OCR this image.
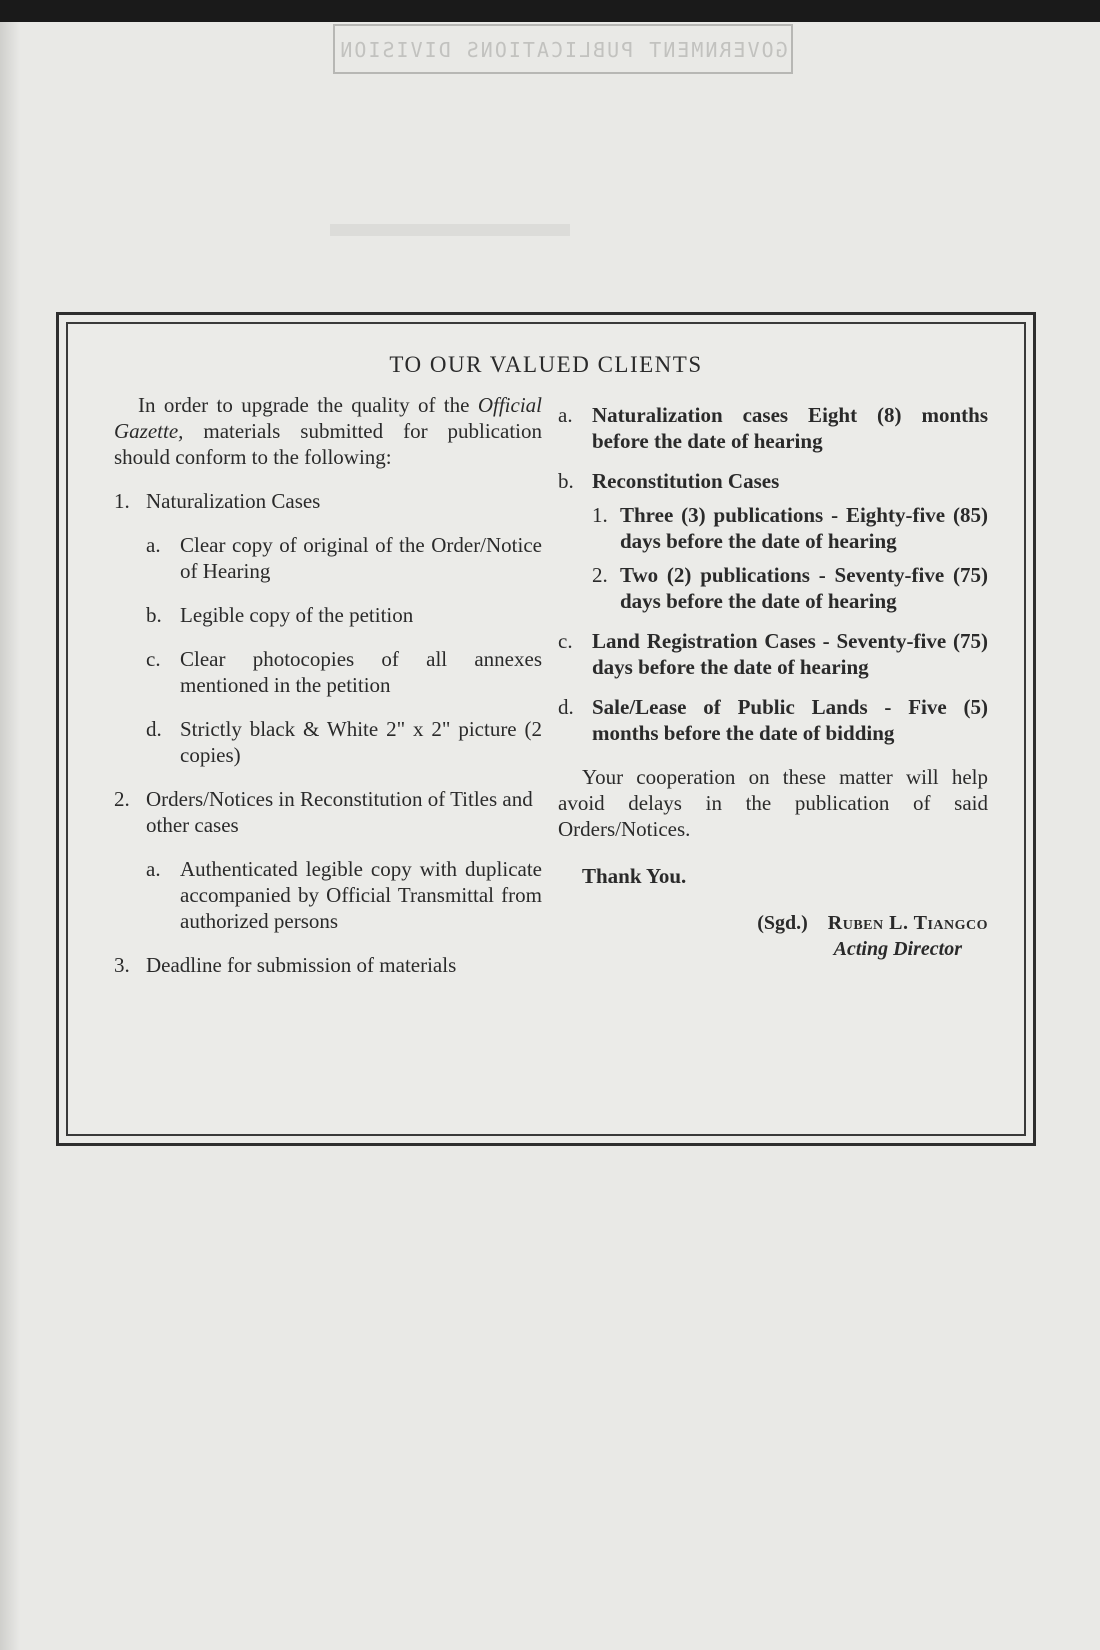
GOVERNMENT PUBLICATIONS DIVISION
▬▬▬▬▬▬
TO OUR VALUED CLIENTS

In order to upgrade the quality of the Official Gazette, materials submitted for publication should conform to the following:

1. Naturalization Cases
a. Clear copy of original of the Order/Notice of Hearing
b. Legible copy of the petition
c. Clear photocopies of all annexes mentioned in the petition
d. Strictly black & White 2" x 2" picture (2 copies)
2. Orders/Notices in Reconstitution of Titles and other cases
a. Authenticated legible copy with duplicate accompanied by Official Transmittal from authorized persons
3. Deadline for submission of materials
a. Naturalization cases Eight (8) months before the date of hearing
b. Reconstitution Cases
1. Three (3) publications - Eighty-five (85) days before the date of hearing
2. Two (2) publications - Seventy-five (75) days before the date of hearing
c. Land Registration Cases - Seventy-five (75) days before the date of hearing
d. Sale/Lease of Public Lands - Five (5) months before the date of bidding

Your cooperation on these matter will help avoid delays in the publication of said Orders/Notices.

Thank You.

(Sgd.) Ruben L. Tiangco
Acting Director
